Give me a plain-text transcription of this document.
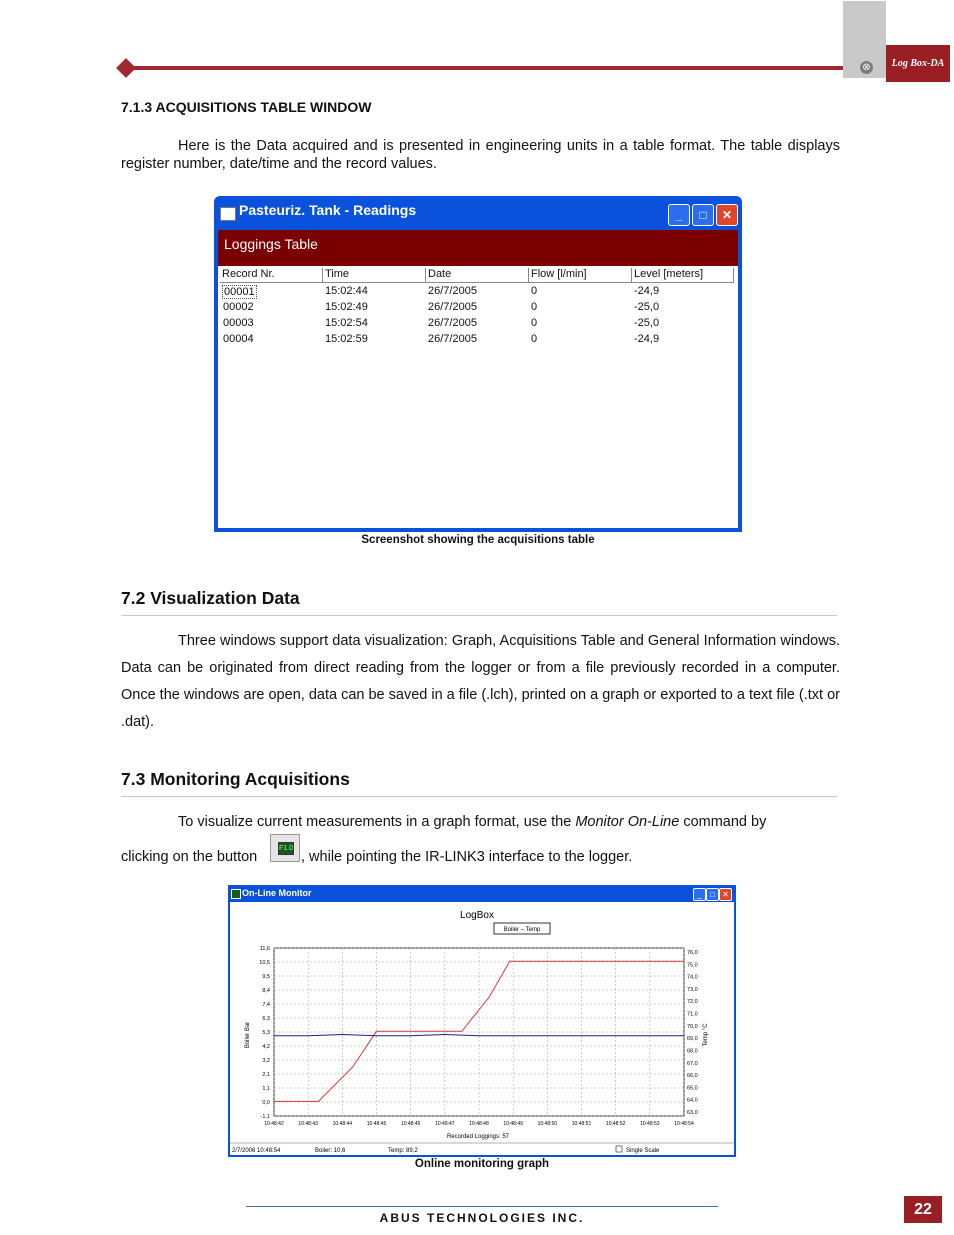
⊗	Log Box-DA
7.1.3 ACQUISITIONS TABLE WINDOW
Here is the Data acquired and is presented in engineering units in a table format. The table displays register number, date/time and the record values.
Pasteuriz. Tank - Readings	_	□	✕
Loggings Table
Record Nr.	Time	Date	Flow [l/min]	Level [meters]
00001	15:02:44	26/7/2005	0	-24,9
00002	15:02:49	26/7/2005	0	-25,0
00003	15:02:54	26/7/2005	0	-25,0
00004	15:02:59	26/7/2005	0	-24,9
Screenshot showing the acquisitions table
7.2 Visualization Data
Three windows support data visualization: Graph, Acquisitions Table and General Information windows. Data can be originated from direct reading from the logger or from a file previously recorded in a computer. Once the windows are open, data can be saved in a file (.lch), printed on a graph or exported to a text file (.txt or .dat).
7.3 Monitoring Acquisitions
To visualize current measurements in a graph format, use the Monitor On-Line command by
clicking on the button
F1.0
, while pointing the IR-LINK3 interface to the logger.
On-Line Monitor	_	□ ✕
LogBox
Boiler – Temp
11,6
10,5
9,5
8,4
7,4
6,3
5,3
4,2
3,2
2,1
1,1
0,0
-1,1
76,0
75,0
74,0
73,0
72,0
71,0
70,0
69,0
68,0
67,0
66,0
65,0
64,0
63,0
10:48:42	10:48:43	10:48:44	10:48:45	10:48:46	10:48:47	10:48:48	10:48:49	10:48:50	10:48:51	10:48:52	10:48:53	10:48:54
Boiler Bar	Temp °C
Recorded Loggings: 57
2/7/2006 10:48:54	Boiler: 10,6	Temp: 89,2	Single Scale
Online monitoring graph
ABUS TECHNOLOGIES INC.	22
